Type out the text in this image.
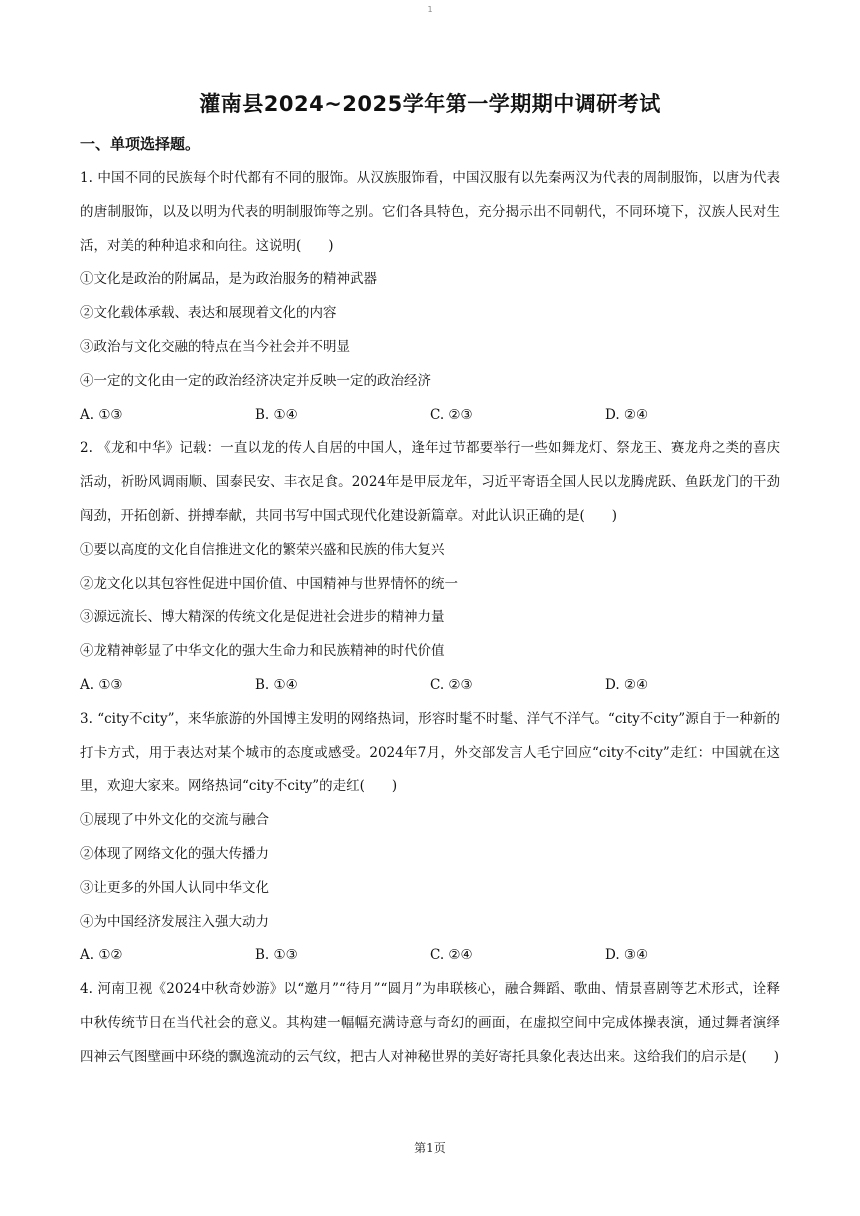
1
灌南县2024~2025学年第一学期期中调研考试
一、单项选择题。

1. 中国不同的民族每个时代都有不同的服饰。从汉族服饰看，中国汉服有以先秦两汉为代表的周制服饰，以唐为代表的唐制服饰，以及以明为代表的明制服饰等之别。它们各具特色，充分揭示出不同朝代，不同环境下，汉族人民对生活，对美的种种追求和向往。这说明(　　)

①文化是政治的附属品，是为政治服务的精神武器

②文化载体承载、表达和展现着文化的内容

③政治与文化交融的特点在当今社会并不明显

④一定的文化由一定的政治经济决定并反映一定的政治经济

A. ①③	B. ①④	C. ②③	D. ②④

2. 《龙和中华》记载：一直以龙的传人自居的中国人，逢年过节都要举行一些如舞龙灯、祭龙王、赛龙舟之类的喜庆活动，祈盼风调雨顺、国泰民安、丰衣足食。2024年是甲辰龙年，习近平寄语全国人民以龙腾虎跃、鱼跃龙门的干劲闯劲，开拓创新、拼搏奉献，共同书写中国式现代化建设新篇章。对此认识正确的是(　　)

①要以高度的文化自信推进文化的繁荣兴盛和民族的伟大复兴

②龙文化以其包容性促进中国价值、中国精神与世界情怀的统一

③源远流长、博大精深的传统文化是促进社会进步的精神力量

④龙精神彰显了中华文化的强大生命力和民族精神的时代价值

A. ①③	B. ①④	C. ②③	D. ②④

3. “city不city”，来华旅游的外国博主发明的网络热词，形容时髦不时髦、洋气不洋气。“city不city”源自于一种新的打卡方式，用于表达对某个城市的态度或感受。2024年7月，外交部发言人毛宁回应“city不city”走红：中国就在这里，欢迎大家来。网络热词“city不city”的走红(　　)

①展现了中外文化的交流与融合

②体现了网络文化的强大传播力

③让更多的外国人认同中华文化

④为中国经济发展注入强大动力

A. ①②	B. ①③	C. ②④	D. ③④

4. 河南卫视《2024中秋奇妙游》以“邀月”“待月”“圆月”为串联核心，融合舞蹈、歌曲、情景喜剧等艺术形式，诠释中秋传统节日在当代社会的意义。其构建一幅幅充满诗意与奇幻的画面，在虚拟空间中完成体操表演，通过舞者演绎四神云气图壁画中环绕的飘逸流动的云气纹，把古人对神秘世界的美好寄托具象化表达出来。这给我们的启示是(　　)

第1页
